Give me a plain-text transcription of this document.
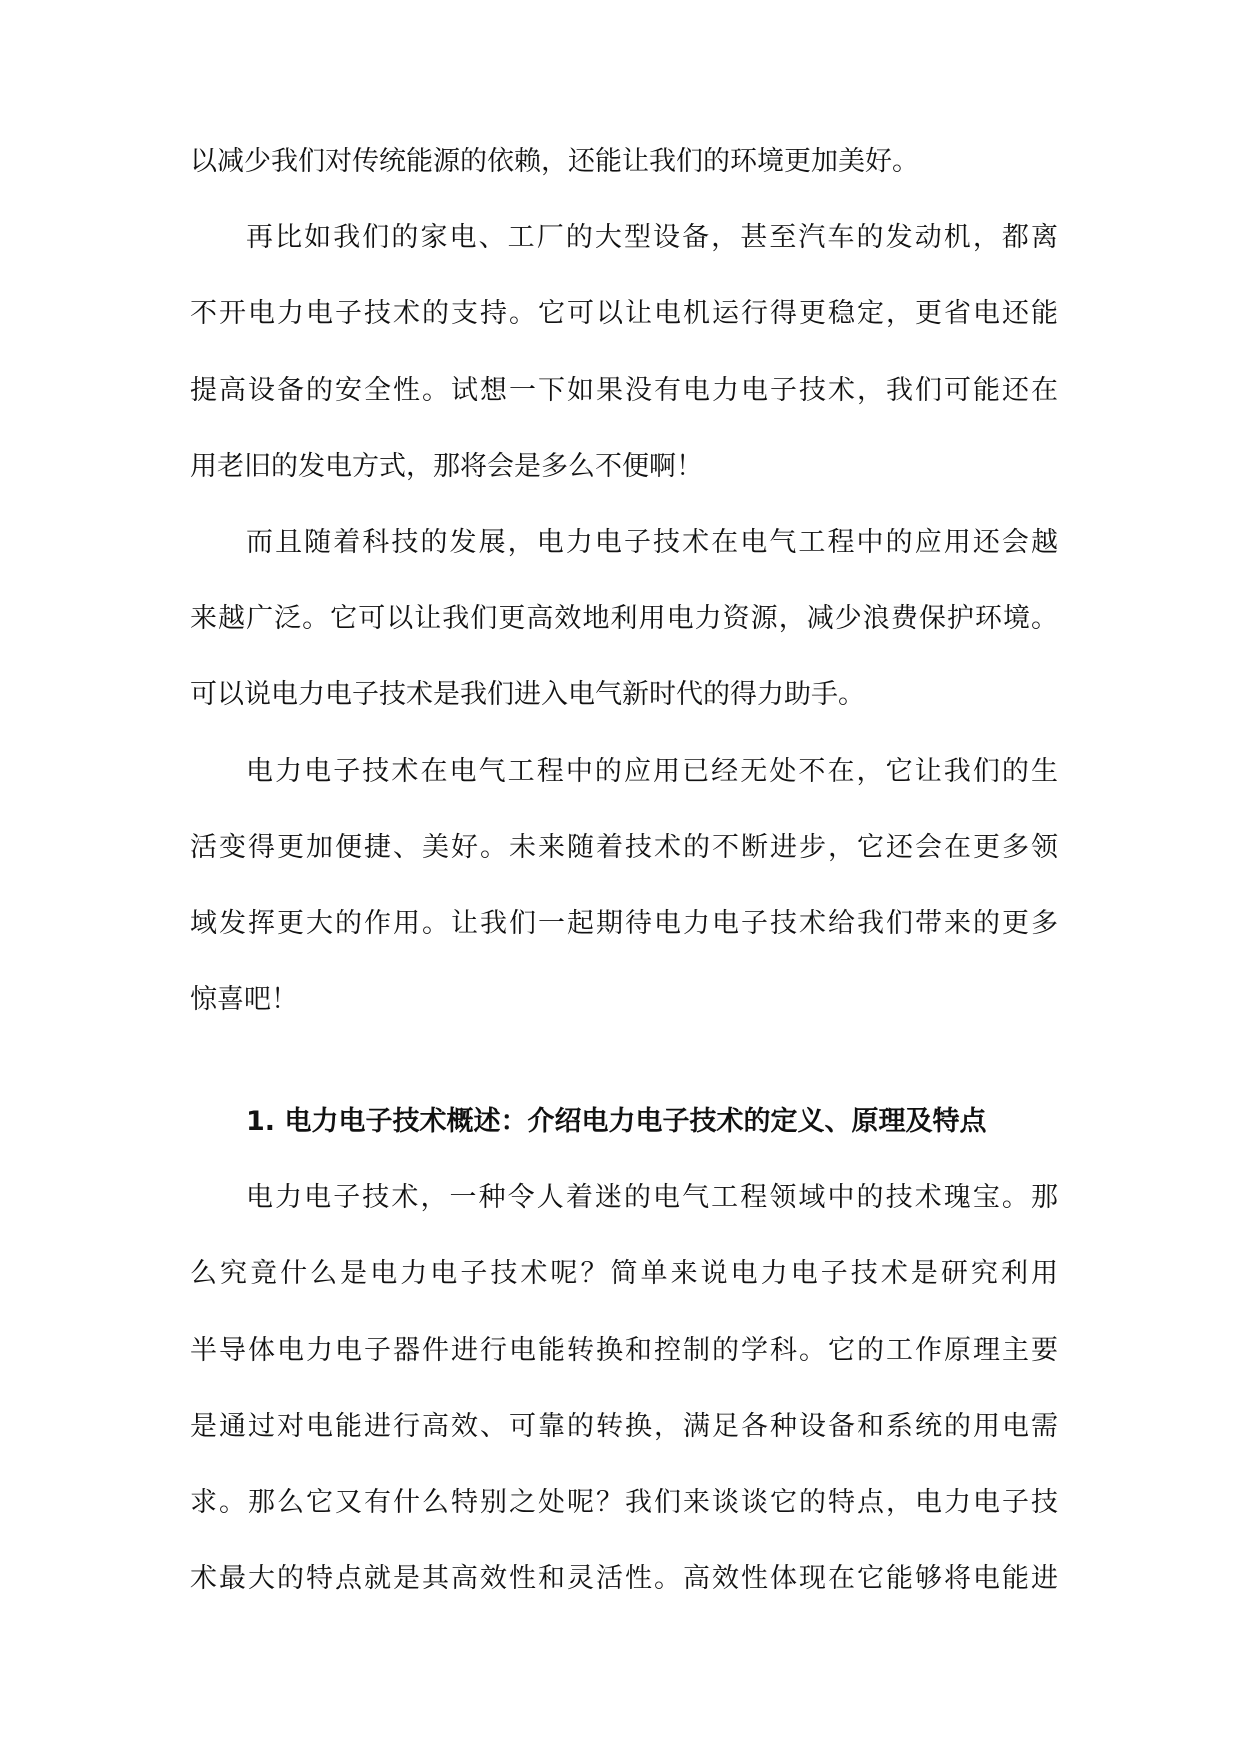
以减少我们对传统能源的依赖，还能让我们的环境更加美好。
再比如我们的家电、工厂的大型设备，甚至汽车的发动机，都离
不开电力电子技术的支持。它可以让电机运行得更稳定，更省电还能
提高设备的安全性。试想一下如果没有电力电子技术，我们可能还在
用老旧的发电方式，那将会是多么不便啊！
而且随着科技的发展，电力电子技术在电气工程中的应用还会越
来越广泛。它可以让我们更高效地利用电力资源，减少浪费保护环境。
可以说电力电子技术是我们进入电气新时代的得力助手。
电力电子技术在电气工程中的应用已经无处不在，它让我们的生
活变得更加便捷、美好。未来随着技术的不断进步，它还会在更多领
域发挥更大的作用。让我们一起期待电力电子技术给我们带来的更多
惊喜吧！
1. 电力电子技术概述：介绍电力电子技术的定义、原理及特点
电力电子技术，一种令人着迷的电气工程领域中的技术瑰宝。那
么究竟什么是电力电子技术呢？简单来说电力电子技术是研究利用
半导体电力电子器件进行电能转换和控制的学科。它的工作原理主要
是通过对电能进行高效、可靠的转换，满足各种设备和系统的用电需
求。那么它又有什么特别之处呢？我们来谈谈它的特点，电力电子技
术最大的特点就是其高效性和灵活性。高效性体现在它能够将电能进
